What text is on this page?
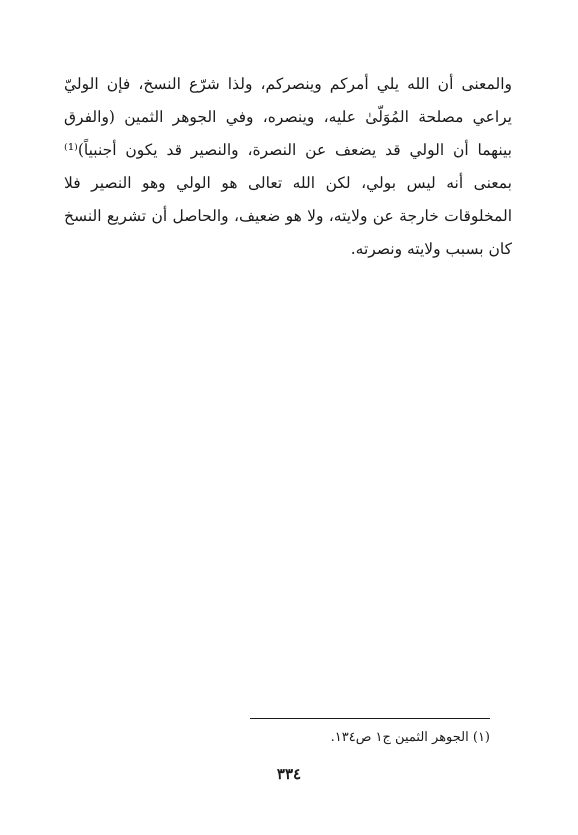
والمعنى أن الله يلي أمركم وينصركم، ولذا شرّع النسخ، فإن الوليّ يراعي مصلحة المُوَلّىٰ عليه، وينصره، وفي الجوهر الثمين (والفرق بينهما أن الولي قد يضعف عن النصرة، والنصير قد يكون أجنبياً)⁽¹⁾ بمعنى أنه ليس بولي، لكن الله تعالى هو الولي وهو النصير فلا المخلوقات خارجة عن ولايته، ولا هو ضعيف، والحاصل أن تشريع النسخ كان بسبب ولايته ونصرته.

(١) الجوهر الثمين ج١ ص١٣٤.

٣٣٤
